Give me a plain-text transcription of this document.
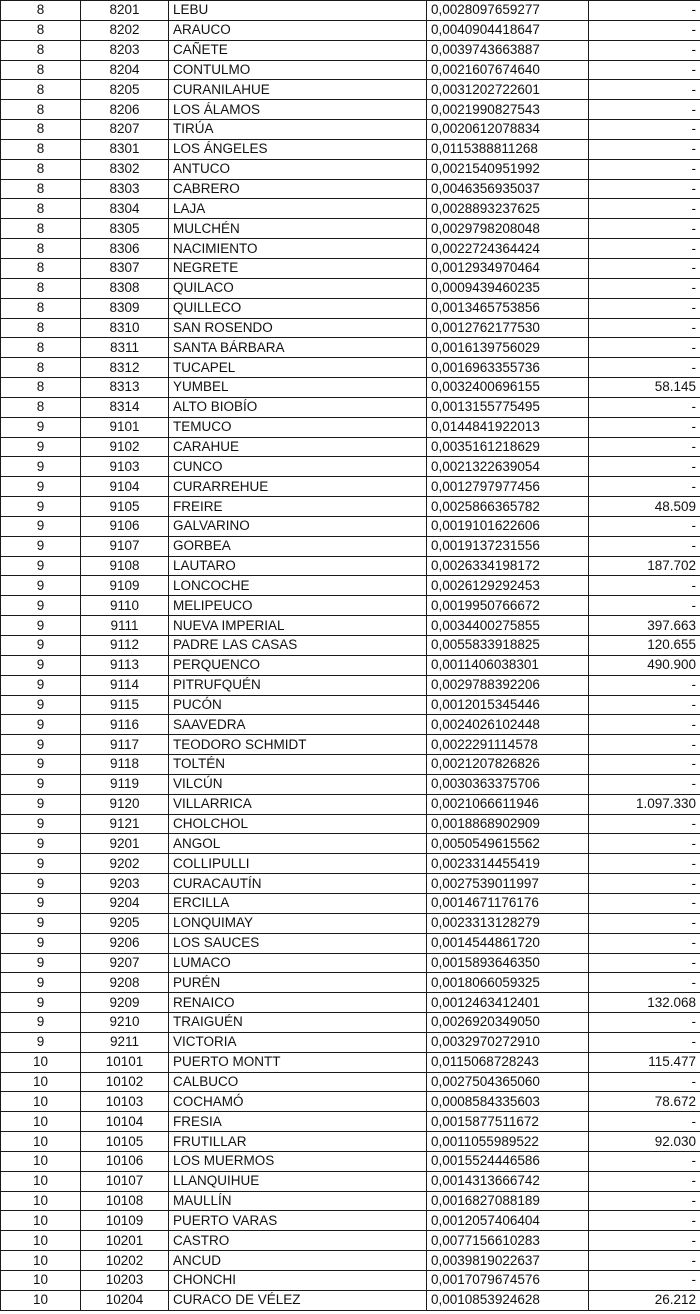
8	8201	LEBU	0,0028097659277	-
8	8202	ARAUCO	0,0040904418647	-
8	8203	CAÑETE	0,0039743663887	-
8	8204	CONTULMO	0,0021607674640	-
8	8205	CURANILAHUE	0,0031202722601	-
8	8206	LOS ÁLAMOS	0,0021990827543	-
8	8207	TIRÚA	0,0020612078834	-
8	8301	LOS ÁNGELES	0,0115388811268	-
8	8302	ANTUCO	0,0021540951992	-
8	8303	CABRERO	0,0046356935037	-
8	8304	LAJA	0,0028893237625	-
8	8305	MULCHÉN	0,0029798208048	-
8	8306	NACIMIENTO	0,0022724364424	-
8	8307	NEGRETE	0,0012934970464	-
8	8308	QUILACO	0,0009439460235	-
8	8309	QUILLECO	0,0013465753856	-
8	8310	SAN ROSENDO	0,0012762177530	-
8	8311	SANTA BÁRBARA	0,0016139756029	-
8	8312	TUCAPEL	0,0016963355736	-
8	8313	YUMBEL	0,0032400696155	58.145
8	8314	ALTO BIOBÍO	0,0013155775495	-
9	9101	TEMUCO	0,0144841922013	-
9	9102	CARAHUE	0,0035161218629	-
9	9103	CUNCO	0,0021322639054	-
9	9104	CURARREHUE	0,0012797977456	-
9	9105	FREIRE	0,0025866365782	48.509
9	9106	GALVARINO	0,0019101622606	-
9	9107	GORBEA	0,0019137231556	-
9	9108	LAUTARO	0,0026334198172	187.702
9	9109	LONCOCHE	0,0026129292453	-
9	9110	MELIPEUCO	0,0019950766672	-
9	9111	NUEVA IMPERIAL	0,0034400275855	397.663
9	9112	PADRE LAS CASAS	0,0055833918825	120.655
9	9113	PERQUENCO	0,0011406038301	490.900
9	9114	PITRUFQUÉN	0,0029788392206	-
9	9115	PUCÓN	0,0012015345446	-
9	9116	SAAVEDRA	0,0024026102448	-
9	9117	TEODORO SCHMIDT	0,0022291114578	-
9	9118	TOLTÉN	0,0021207826826	-
9	9119	VILCÚN	0,0030363375706	-
9	9120	VILLARRICA	0,0021066611946	1.097.330
9	9121	CHOLCHOL	0,0018868902909	-
9	9201	ANGOL	0,0050549615562	-
9	9202	COLLIPULLI	0,0023314455419	-
9	9203	CURACAUTÍN	0,0027539011997	-
9	9204	ERCILLA	0,0014671176176	-
9	9205	LONQUIMAY	0,0023313128279	-
9	9206	LOS SAUCES	0,0014544861720	-
9	9207	LUMACO	0,0015893646350	-
9	9208	PURÉN	0,0018066059325	-
9	9209	RENAICO	0,0012463412401	132.068
9	9210	TRAIGUÉN	0,0026920349050	-
9	9211	VICTORIA	0,0032970272910	-
10	10101	PUERTO MONTT	0,0115068728243	115.477
10	10102	CALBUCO	0,0027504365060	-
10	10103	COCHAMÓ	0,0008584335603	78.672
10	10104	FRESIA	0,0015877511672	-
10	10105	FRUTILLAR	0,0011055989522	92.030
10	10106	LOS MUERMOS	0,0015524446586	-
10	10107	LLANQUIHUE	0,0014313666742	-
10	10108	MAULLÍN	0,0016827088189	-
10	10109	PUERTO VARAS	0,0012057406404	-
10	10201	CASTRO	0,0077156610283	-
10	10202	ANCUD	0,0039819022637	-
10	10203	CHONCHI	0,0017079674576	-
10	10204	CURACO DE VÉLEZ	0,0010853924628	26.212
